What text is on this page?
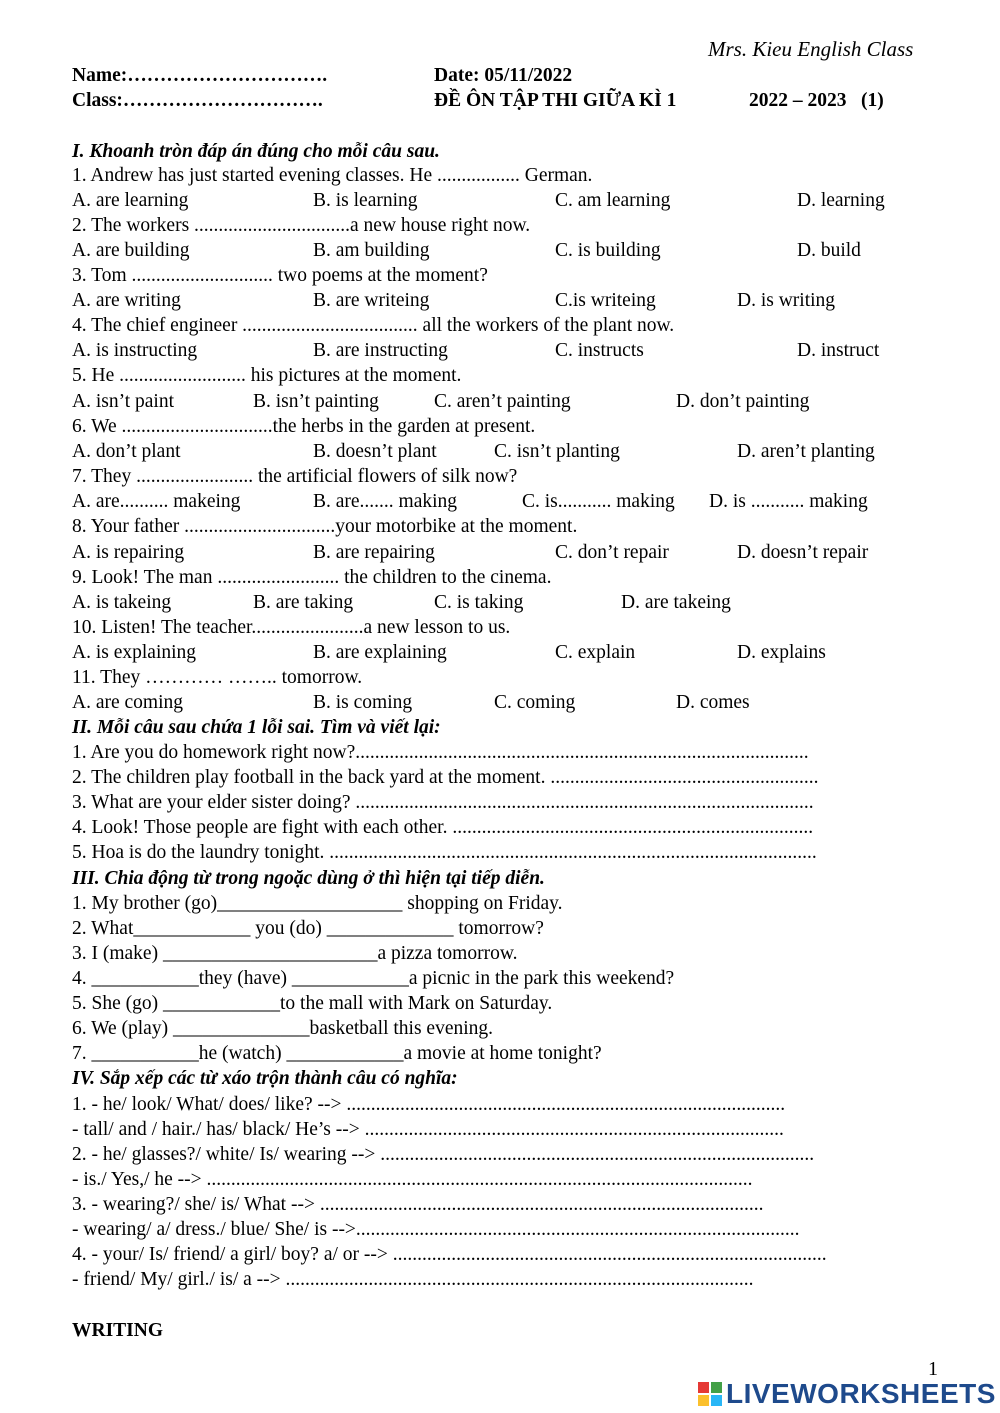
Mrs. Kieu English Class
Name:………………………….	Date: 05/11/2022
Class:………………………….	ĐỀ ÔN TẬP THI GIỮA KÌ 1	2022 – 2023 (1)
I. Khoanh tròn đáp án đúng cho mỗi câu sau.
1. Andrew has just started evening classes. He ................. German.
A. are learning	B. is learning	C. am learning	D. learning
2. The workers ................................a new house right now.
A. are building	B. am building	C. is building	D. build
3. Tom ............................. two poems at the moment?
A. are writing	B. are writeing	C.is writeing	D. is writing
4. The chief engineer .................................... all the workers of the plant now.
A. is instructing	B. are instructing	C. instructs	D. instruct
5. He .......................... his pictures at the moment.
A. isn’t paint	B. isn’t painting	C. aren’t painting	D. don’t painting
6. We ...............................the herbs in the garden at present.
A. don’t plant	B. doesn’t plant	C. isn’t planting	D. aren’t planting
7. They ........................ the artificial flowers of silk now?
A. are.......... makeing	B. are....... making	C. is........... making D. is ........... making
8. Your father ...............................your motorbike at the moment.
A. is repairing	B. are repairing	C. don’t repair	D. doesn’t repair
9. Look! The man ......................... the children to the cinema.
A. is takeing	B. are taking	C. is taking	D. are takeing
10. Listen! The teacher.......................a new lesson to us.
A. is explaining	B. are explaining	C. explain	D. explains
11. They ………… …….. tomorrow.
A. are coming	B. is coming	C. coming	D. comes
II. Mỗi câu sau chứa 1 lỗi sai. Tìm và viết lại:
1. Are you do homework right now?.............................................................................................
2. The children play football in the back yard at the moment. .......................................................
3. What are your elder sister doing? ..............................................................................................
4. Look! Those people are fight with each other. ..........................................................................
5. Hoa is do the laundry tonight. ....................................................................................................
III. Chia động từ trong ngoặc dùng ở thì hiện tại tiếp diễn.
1. My brother (go)___________________ shopping on Friday.
2. What____________ you (do) _____________ tomorrow?
3. I (make) ______________________a pizza tomorrow.
4. ___________they (have) ____________a picnic in the park this weekend?
5. She (go) ____________to the mall with Mark on Saturday.
6. We (play) ______________basketball this evening.
7. ___________he (watch) ____________a movie at home tonight?
IV. Sắp xếp các từ xáo trộn thành câu có nghĩa:
1. - he/ look/ What/ does/ like? --> ..........................................................................................
- tall/ and / hair./ has/ black/ He’s --> ......................................................................................
2. - he/ glasses?/ white/ Is/ wearing --> .........................................................................................
- is./ Yes,/ he --> ................................................................................................................
3. - wearing?/ she/ is/ What --> ...........................................................................................
- wearing/ a/ dress./ blue/ She/ is -->...........................................................................................
4. - your/ Is/ friend/ a girl/ boy? a/ or --> .........................................................................................
- friend/ My/ girl./ is/ a --> ................................................................................................
WRITING
1
LIVEWORKSHEETS
